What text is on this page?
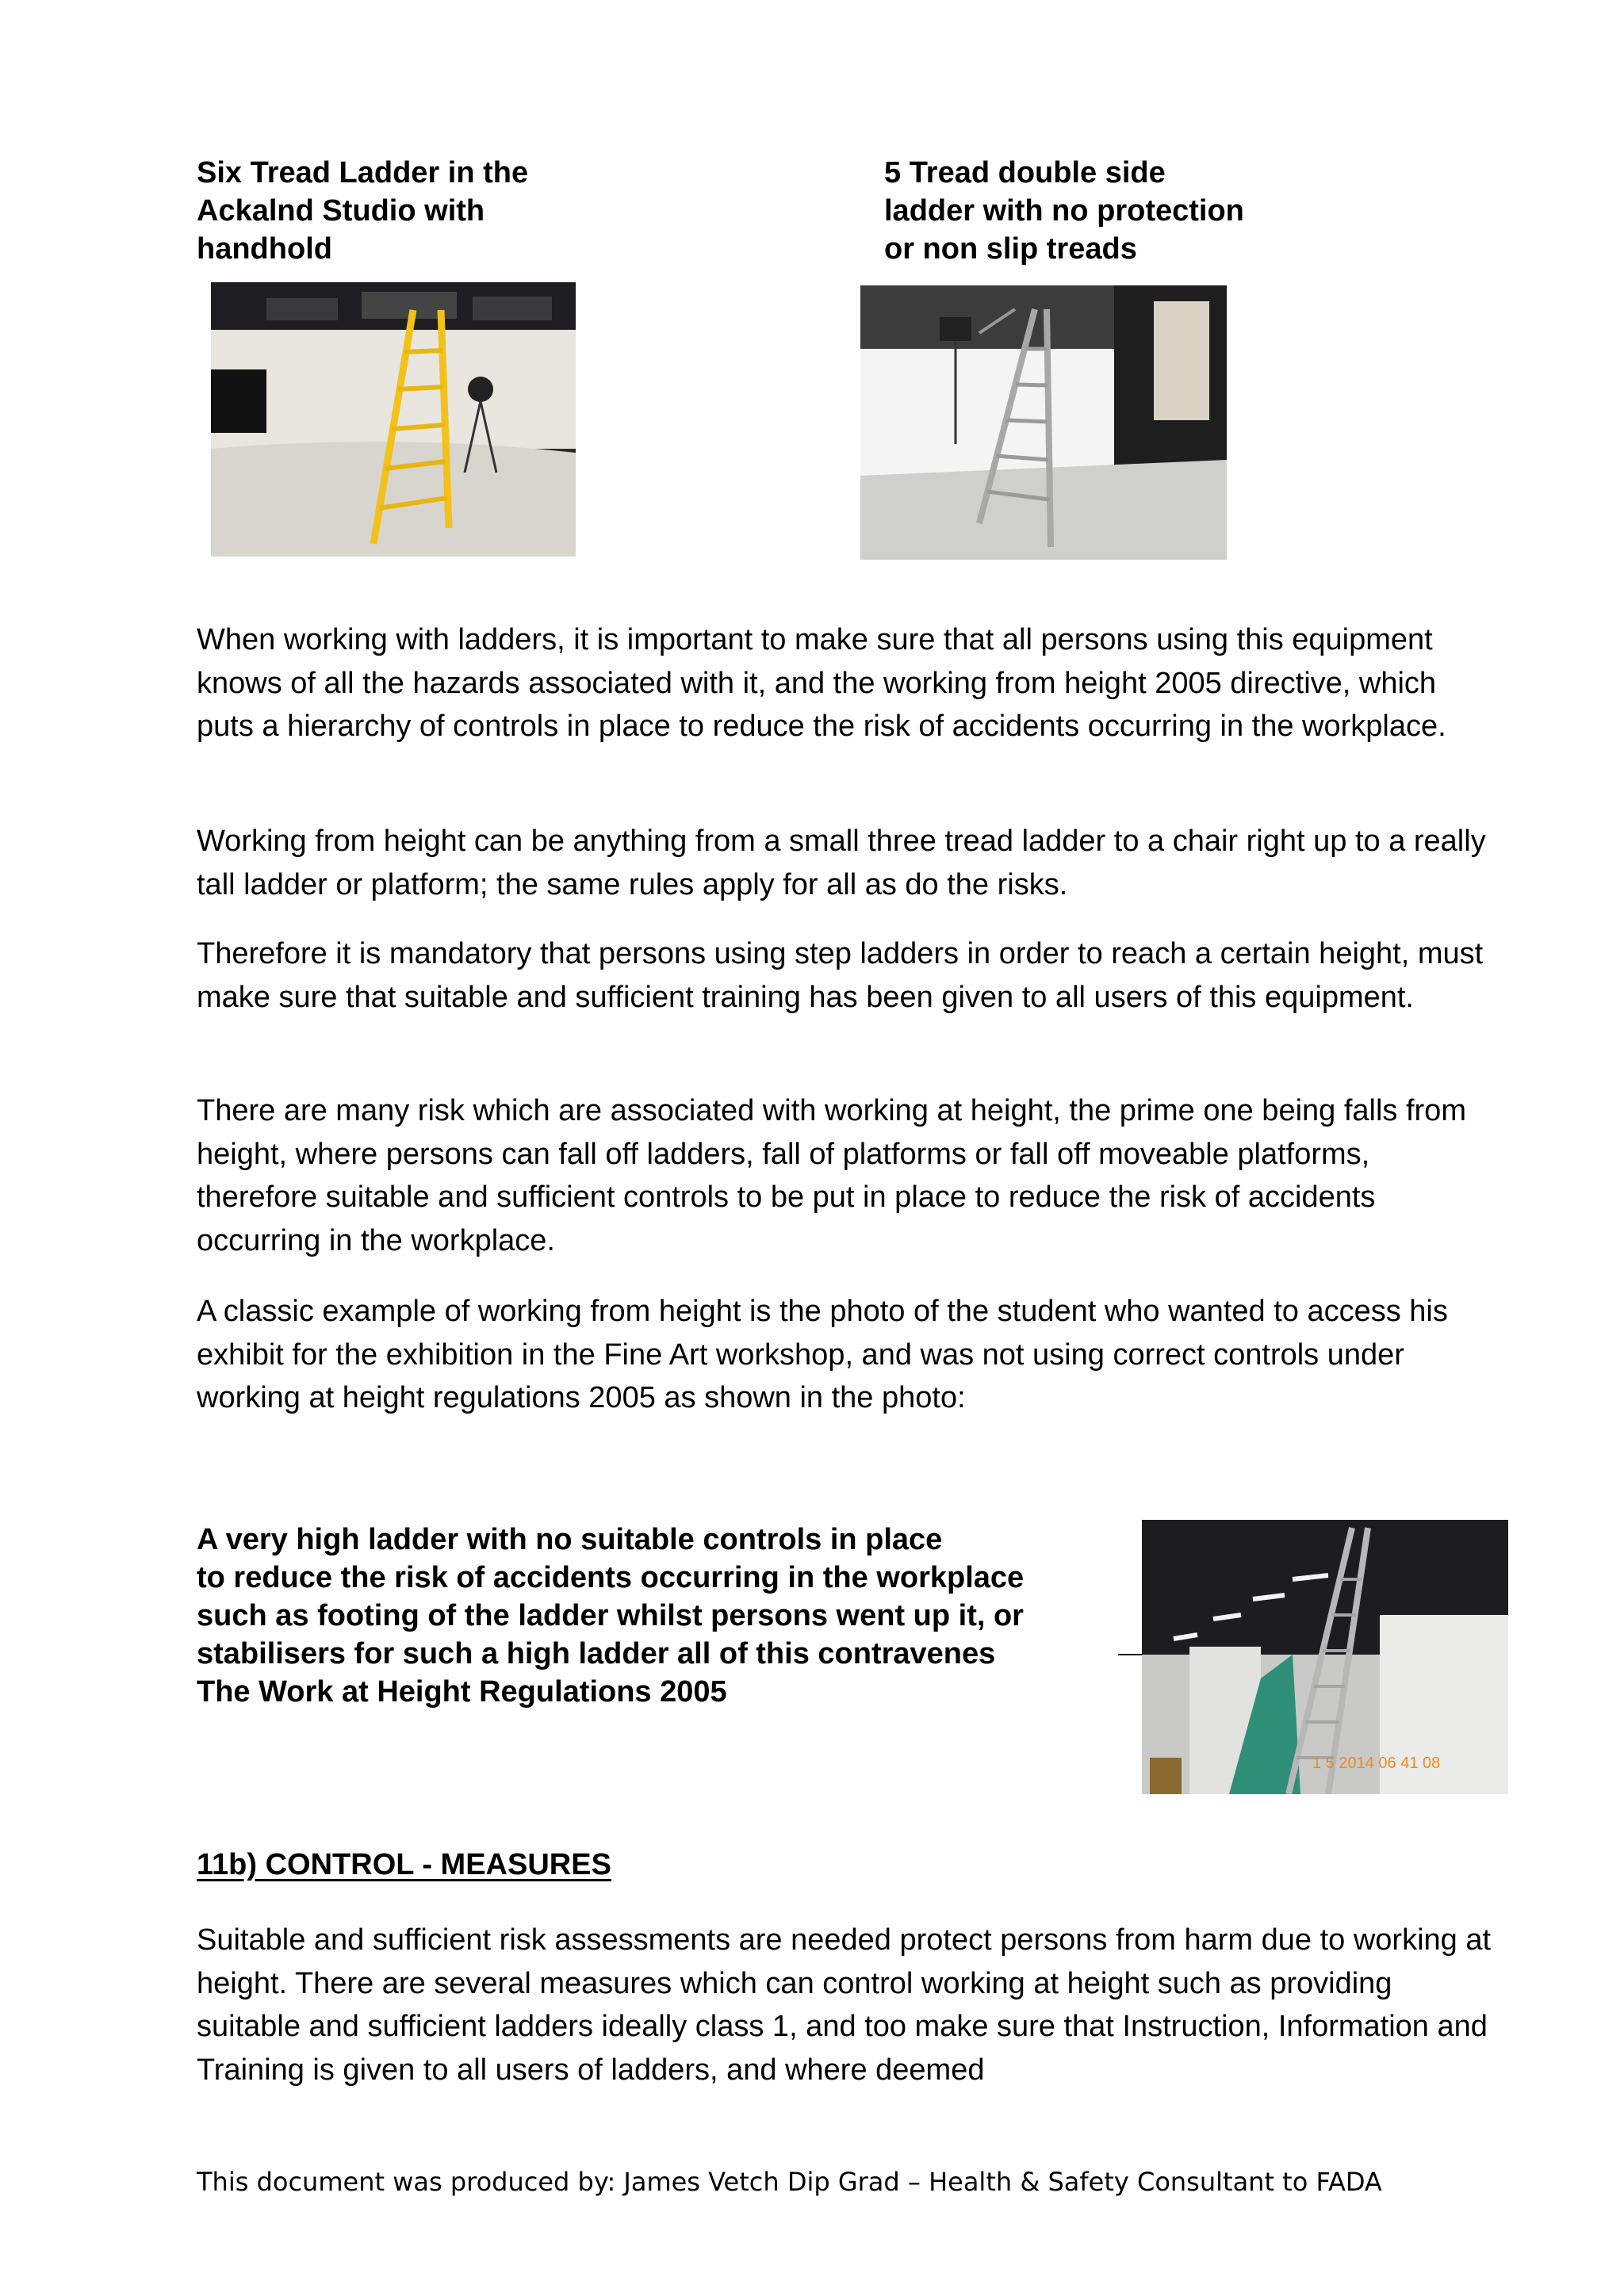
Six Tread Ladder in the
Ackalnd Studio with
handhold
5 Tread double side
ladder with no protection
or non slip treads

When working with ladders, it is important to make sure that all persons using this equipment knows of all the hazards associated with it, and the working from height 2005 directive, which puts a hierarchy of controls in place to reduce the risk of accidents occurring in the workplace.

Working from height can be anything from a small three tread ladder to a chair right up to a really tall ladder or platform; the same rules apply for all as do the risks.

Therefore it is mandatory that persons using step ladders in order to reach a certain height, must make sure that suitable and sufficient training has been given to all users of this equipment.

There are many risk which are associated with working at height, the prime one being falls from height, where persons can fall off ladders, fall of platforms or fall off moveable platforms, therefore suitable and sufficient controls to be put in place to reduce the risk of accidents occurring in the workplace.

A classic example of working from height is the photo of the student who wanted to access his exhibit for the exhibition in the Fine Art workshop, and was not using correct controls under working at height regulations 2005 as shown in the photo:

A very high ladder with no suitable controls in place
to reduce the risk of accidents occurring in the workplace
such as footing of the ladder whilst persons went up it, or
stabilisers for such a high ladder all of this contravenes
The Work at Height Regulations 2005
1 5 2014 06 41 08
11b) CONTROL - MEASURES

Suitable and sufficient risk assessments are needed protect persons from harm due to working at height. There are several measures which can control working at height such as providing suitable and sufficient ladders ideally class 1, and too make sure that Instruction, Information and Training is given to all users of ladders, and where deemed

This document was produced by: James Vetch Dip Grad – Health & Safety Consultant to FADA
